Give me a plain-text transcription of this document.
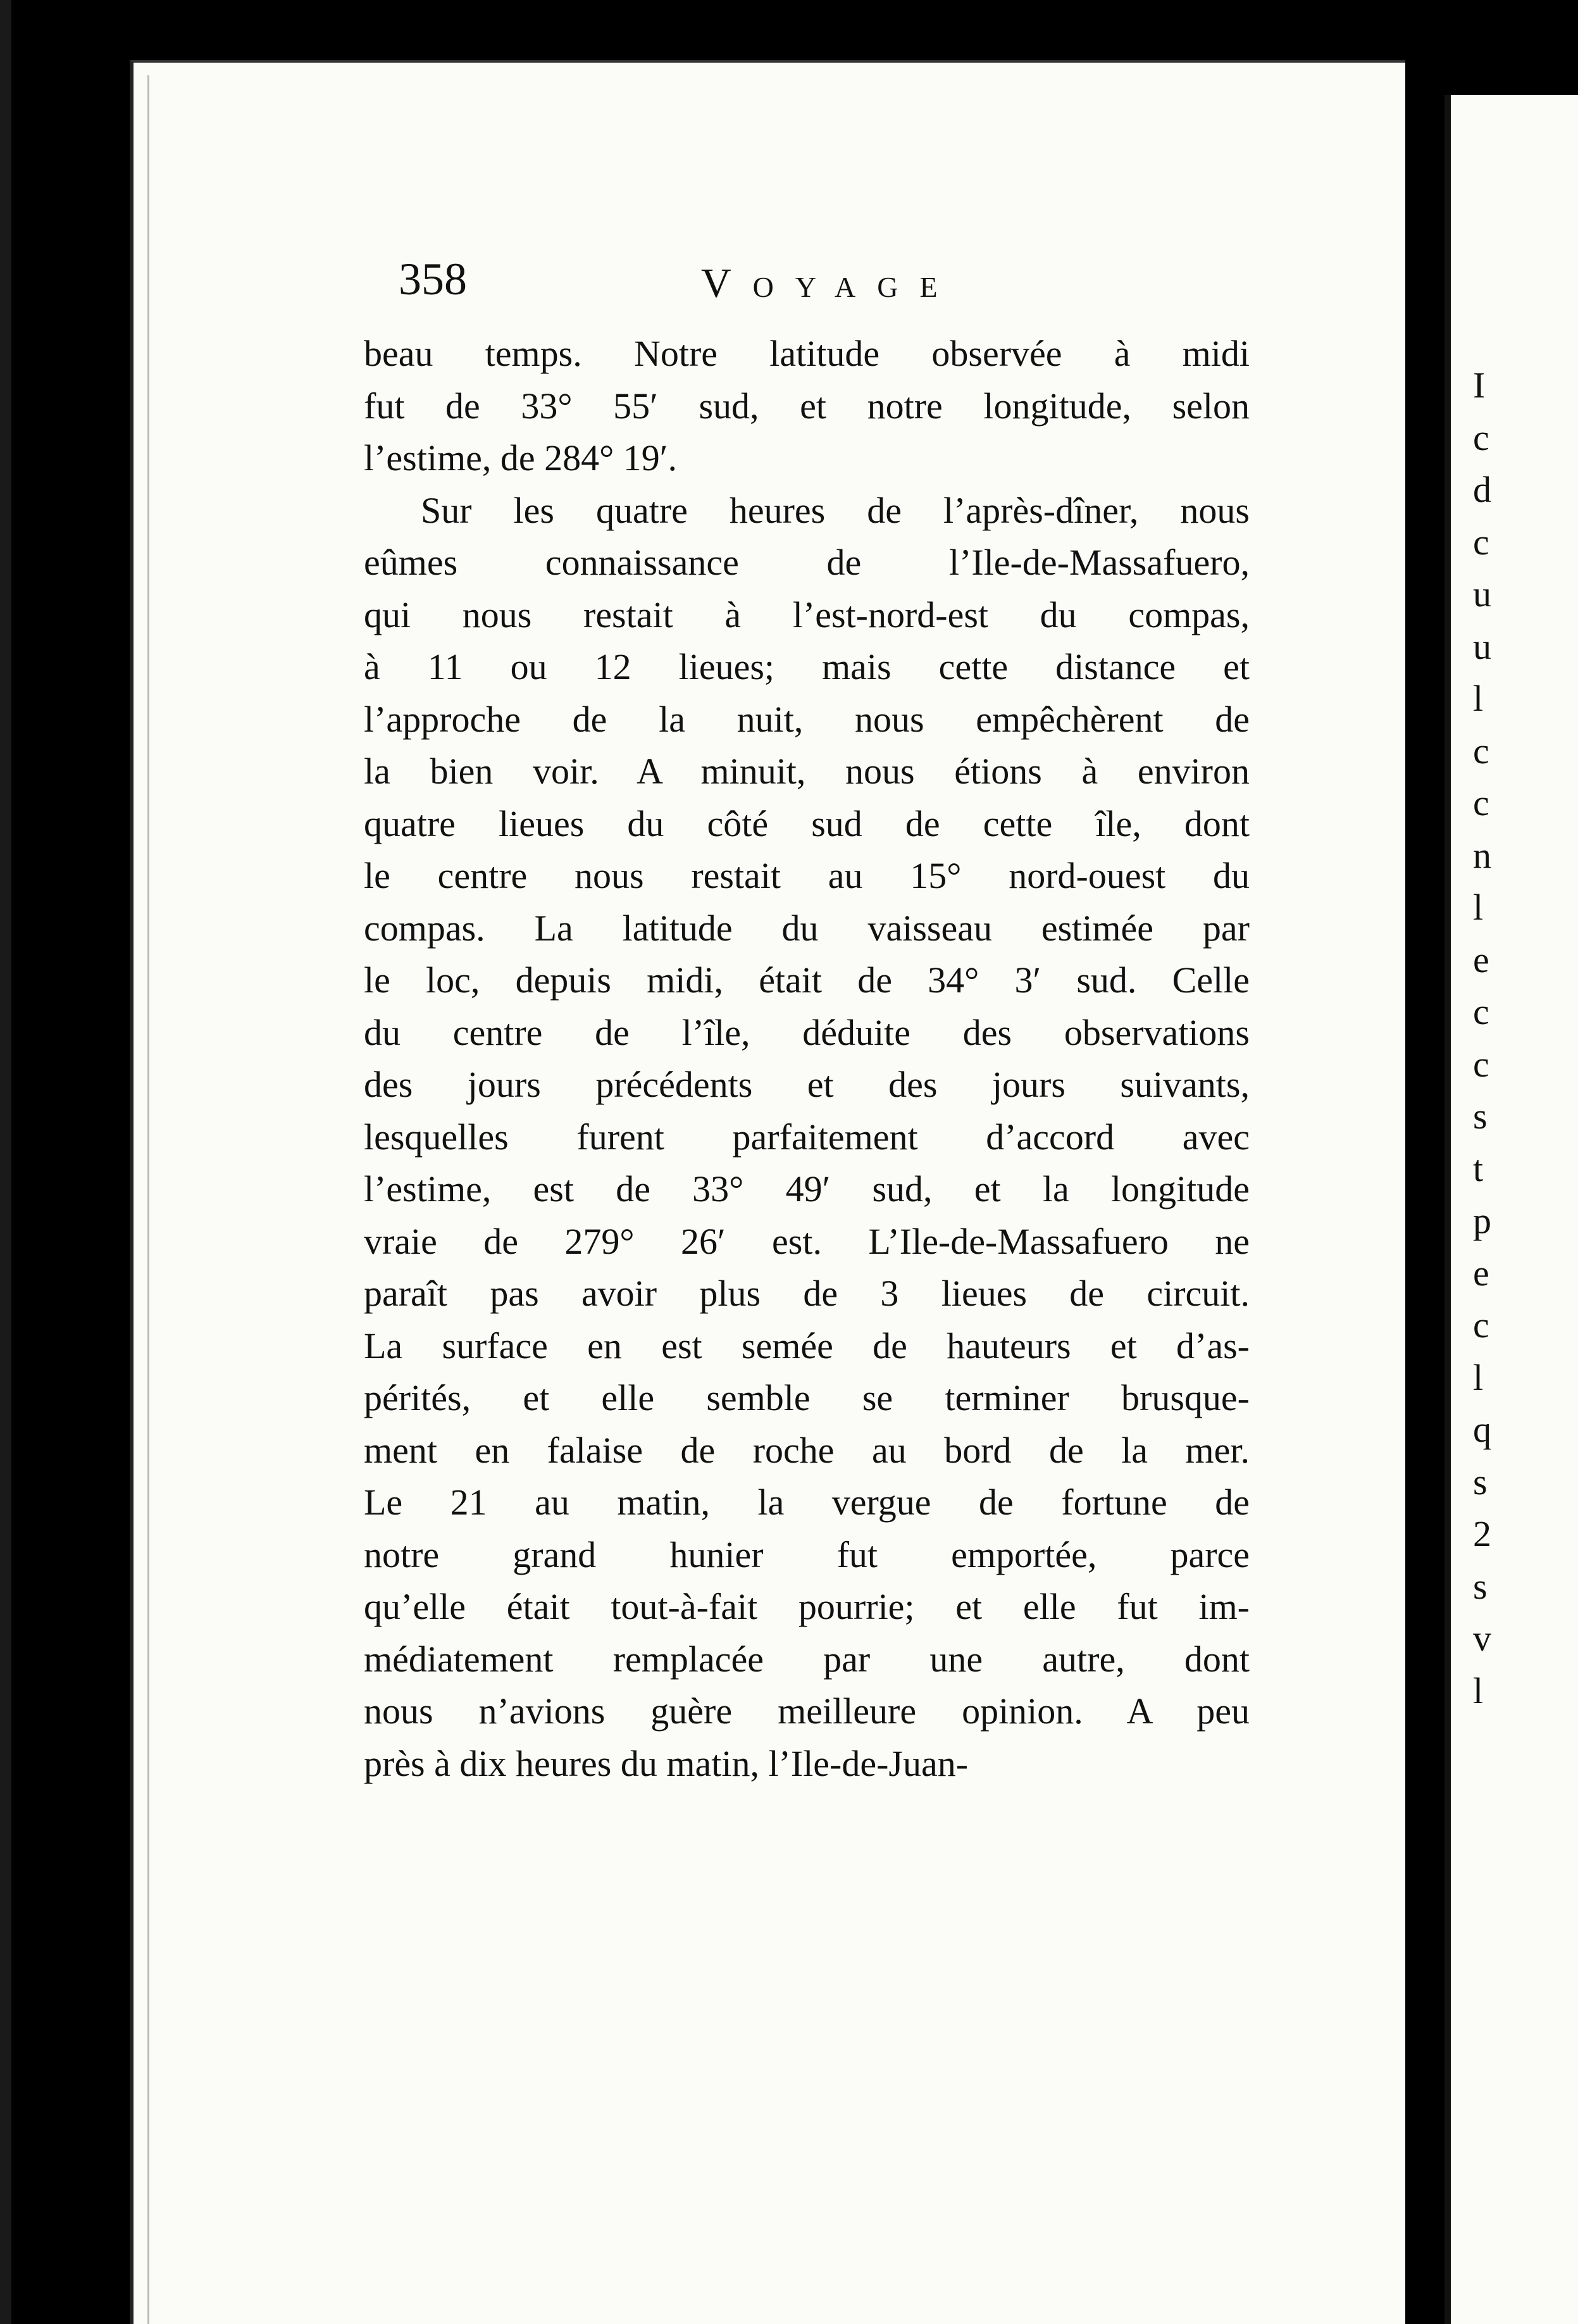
358	Voyage
beau temps. Notre latitude observée à midi
fut de 33° 55′ sud, et notre longitude, selon
l’estime, de 284° 19′.
Sur les quatre heures de l’après-dîner, nous
eûmes connaissance de l’Ile-de-Massafuero,
qui nous restait à l’est-nord-est du compas,
à 11 ou 12 lieues; mais cette distance et
l’approche de la nuit, nous empêchèrent de
la bien voir. A minuit, nous étions à environ
quatre lieues du côté sud de cette île, dont
le centre nous restait au 15° nord-ouest du
compas. La latitude du vaisseau estimée par
le loc, depuis midi, était de 34° 3′ sud. Celle
du centre de l’île, déduite des observations
des jours précédents et des jours suivants,
lesquelles furent parfaitement d’accord avec
l’estime, est de 33° 49′ sud, et la longitude
vraie de 279° 26′ est. L’Ile-de-Massafuero ne
paraît pas avoir plus de 3 lieues de circuit.
La surface en est semée de hauteurs et d’as-
pérités, et elle semble se terminer brusque-
ment en falaise de roche au bord de la mer.
Le 21 au matin, la vergue de fortune de
notre grand hunier fut emportée, parce
qu’elle était tout-à-fait pourrie; et elle fut im-
médiatement remplacée par une autre, dont
nous n’avions guère meilleure opinion. A peu
près à dix heures du matin, l’Ile-de-Juan-
I
c
d
c
u
u
l
c
c
n
l
e
c
c
s
t
p
e
c
l
q
s
2
s
v
l
